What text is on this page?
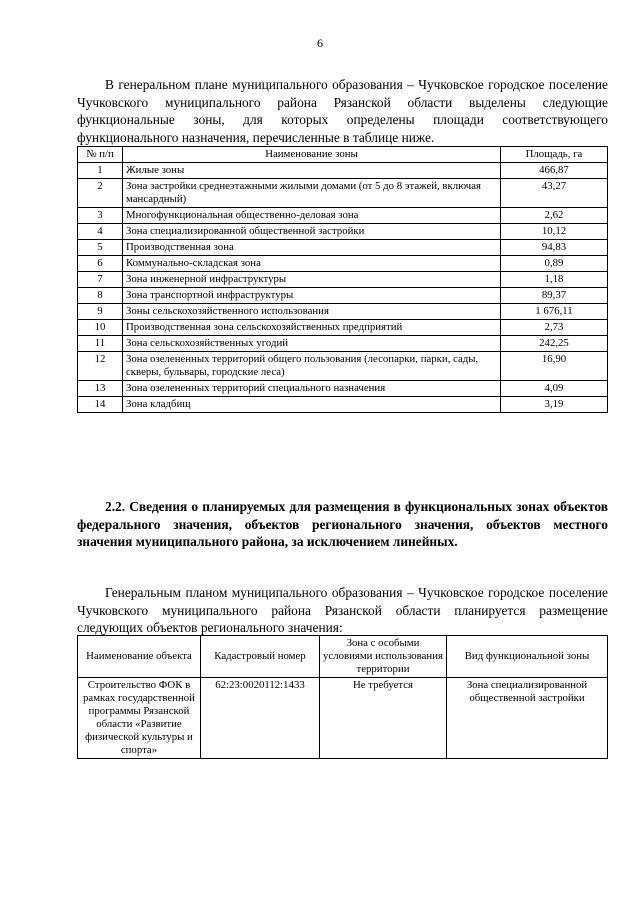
6

В генеральном плане муниципального образования – Чучковское городское поселение Чучковского муниципального района Рязанской области выделены следующие функциональные зоны, для которых определены площади соответствующего функционального назначения, перечисленные в таблице ниже.

№ п/п	Наименование зоны	Площадь, га
1	Жилые зоны	466,87
2	Зона застройки среднеэтажными жилыми домами (от 5 до 8 этажей, включая мансардный)	43,27
3	Многофункциональная общественно-деловая зона	2,62
4	Зона специализированной общественной застройки	10,12
5	Производственная зона	94,83
6	Коммунально-складская зона	0,89
7	Зона инженерной инфраструктуры	1,18
8	Зона транспортной инфраструктуры	89,37
9	Зоны сельскохозяйственного использования	1 676,11
10	Производственная зона сельскохозяйственных предприятий	2,73
11	Зона сельскохозяйственных угодий	242,25
12	Зона озелененных территорий общего пользования (лесопарки, парки, сады, скверы, бульвары, городские леса)	16,90
13	Зона озелененных территорий специального назначения	4,09
14	Зона кладбищ	3,19

2.2. Сведения о планируемых для размещения в функциональных зонах объектов федерального значения, объектов регионального значения, объектов местного значения муниципального района, за исключением линейных.

Генеральным планом муниципального образования – Чучковское городское поселение Чучковского муниципального района Рязанской области планируется размещение следующих объектов регионального значения:

Наименование объекта	Кадастровый номер	Зона с особыми условиями использования территории	Вид функциональной зоны
Строительство ФОК в рамках государственной программы Рязанской области «Развитие физической культуры и спорта»	62:23:0020112:1433	Не требуется	Зона специализированной общественной застройки
